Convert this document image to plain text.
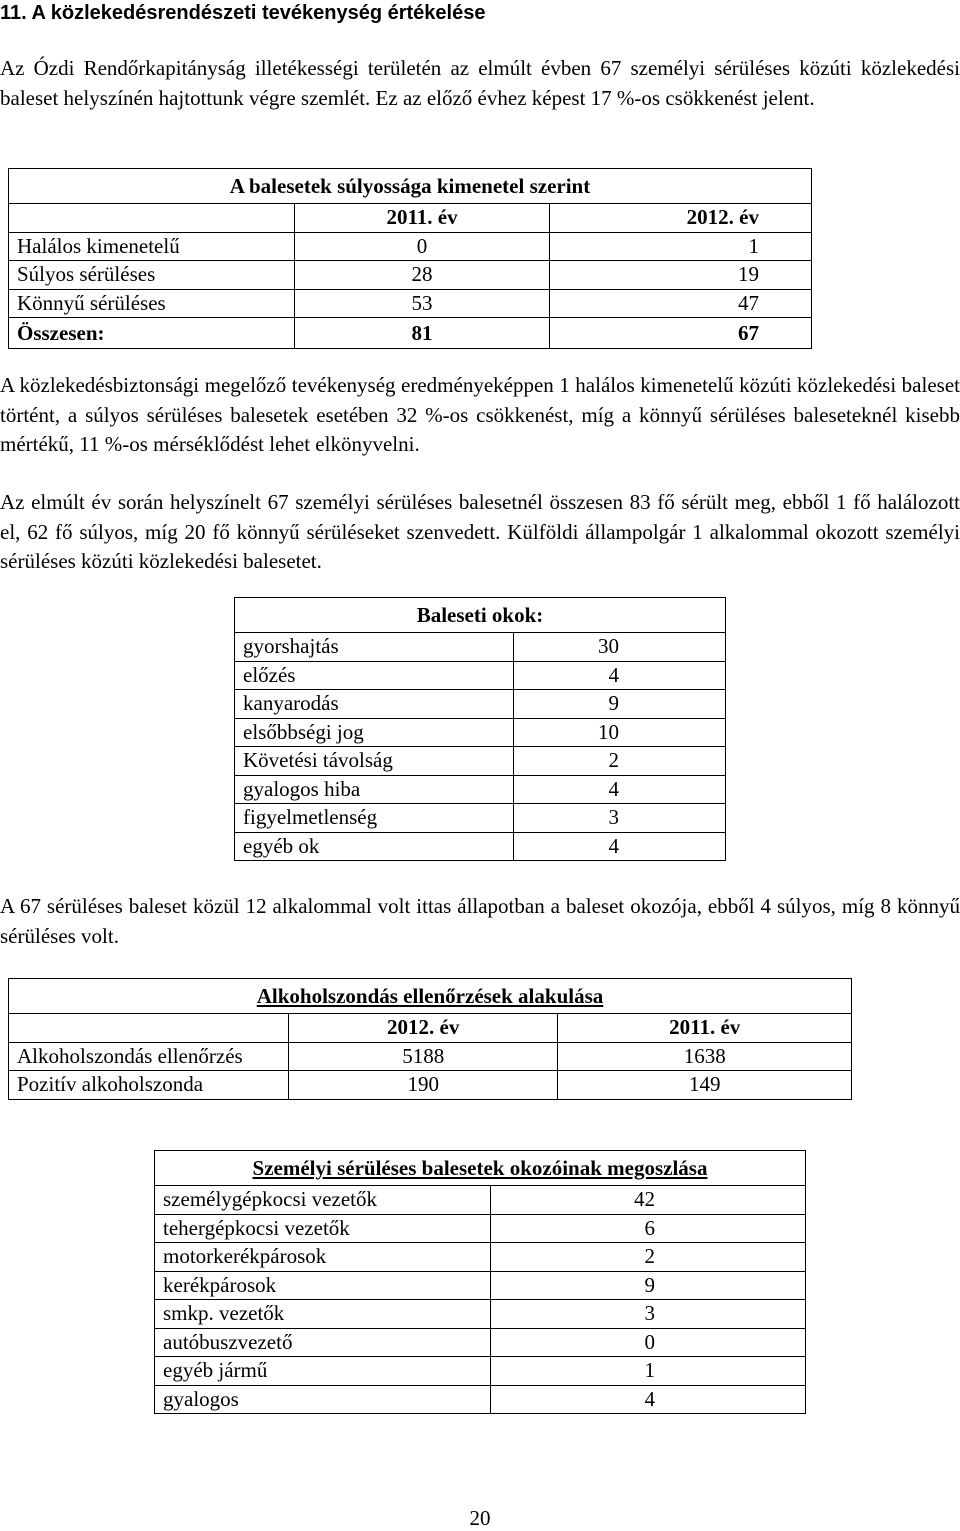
11. A közlekedésrendészeti tevékenység értékelése

Az Ózdi Rendőrkapitányság illetékességi területén az elmúlt évben 67 személyi sérüléses közúti közlekedési baleset helyszínén hajtottunk végre szemlét. Ez az előző évhez képest 17 %-os csökkenést jelent.

A balesetek súlyossága kimenetel szerint		
	2011. év	2012. év
Halálos kimenetelű	0	1
Súlyos sérüléses	28	19
Könnyű sérüléses	53	47
Összesen:	81	67

A közlekedésbiztonsági megelőző tevékenység eredményeképpen 1 halálos kimenetelű közúti közlekedési baleset történt, a súlyos sérüléses balesetek esetében 32 %-os csökkenést, míg a könnyű sérüléses baleseteknél kisebb mértékű, 11 %-os mérséklődést lehet elkönyvelni.

Az elmúlt év során helyszínelt 67 személyi sérüléses balesetnél összesen 83 fő sérült meg, ebből 1 fő halálozott el, 62 fő súlyos, míg 20 fő könnyű sérüléseket szenvedett. Külföldi állampolgár 1 alkalommal okozott személyi sérüléses közúti közlekedési balesetet.

Baleseti okok:	
gyorshajtás	30
előzés	4
kanyarodás	9
elsőbbségi jog	10
Követési távolság	2
gyalogos hiba	4
figyelmetlenség	3
egyéb ok	4

A 67 sérüléses baleset közül 12 alkalommal volt ittas állapotban a baleset okozója, ebből 4 súlyos, míg 8 könnyű sérüléses volt.

Alkoholszondás ellenőrzések alakulása		
	2012. év	2011. év
Alkoholszondás ellenőrzés	5188	1638
Pozitív alkoholszonda	190	149
Személyi sérüléses balesetek okozóinak megoszlása	
személygépkocsi vezetők	42
tehergépkocsi vezetők	6
motorkerékpárosok	2
kerékpárosok	9
smkp. vezetők	3
autóbuszvezető	0
egyéb jármű	1
gyalogos	4
20
